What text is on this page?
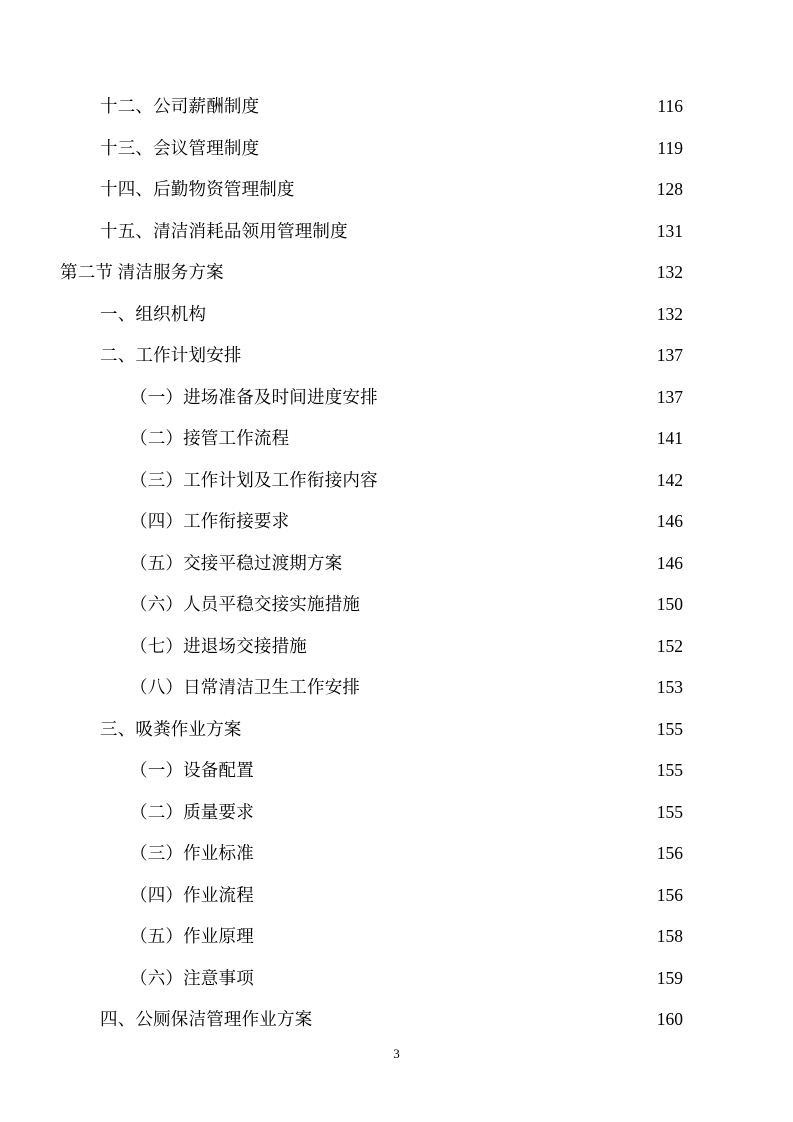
十二、公司薪酬制度 .....	116
十三、会议管理制度 .....	119
十四、后勤物资管理制度 .....	128
十五、清洁消耗品领用管理制度 .....	131
第二节 清洁服务方案 .....	132
一、组织机构 .....	132
二、工作计划安排 .....	137
（一）进场准备及时间进度安排 .....	137
（二）接管工作流程 .....	141
（三）工作计划及工作衔接内容 .....	142
（四）工作衔接要求 .....	146
（五）交接平稳过渡期方案 .....	146
（六）人员平稳交接实施措施 .....	150
（七）进退场交接措施 .....	152
（八）日常清洁卫生工作安排 .....	153
三、吸粪作业方案 .....	155
（一）设备配置 .....	155
（二）质量要求 .....	155
（三）作业标准 .....	156
（四）作业流程 .....	156
（五）作业原理 .....	158
（六）注意事项 .....	159
四、公厕保洁管理作业方案 .....	160
3
